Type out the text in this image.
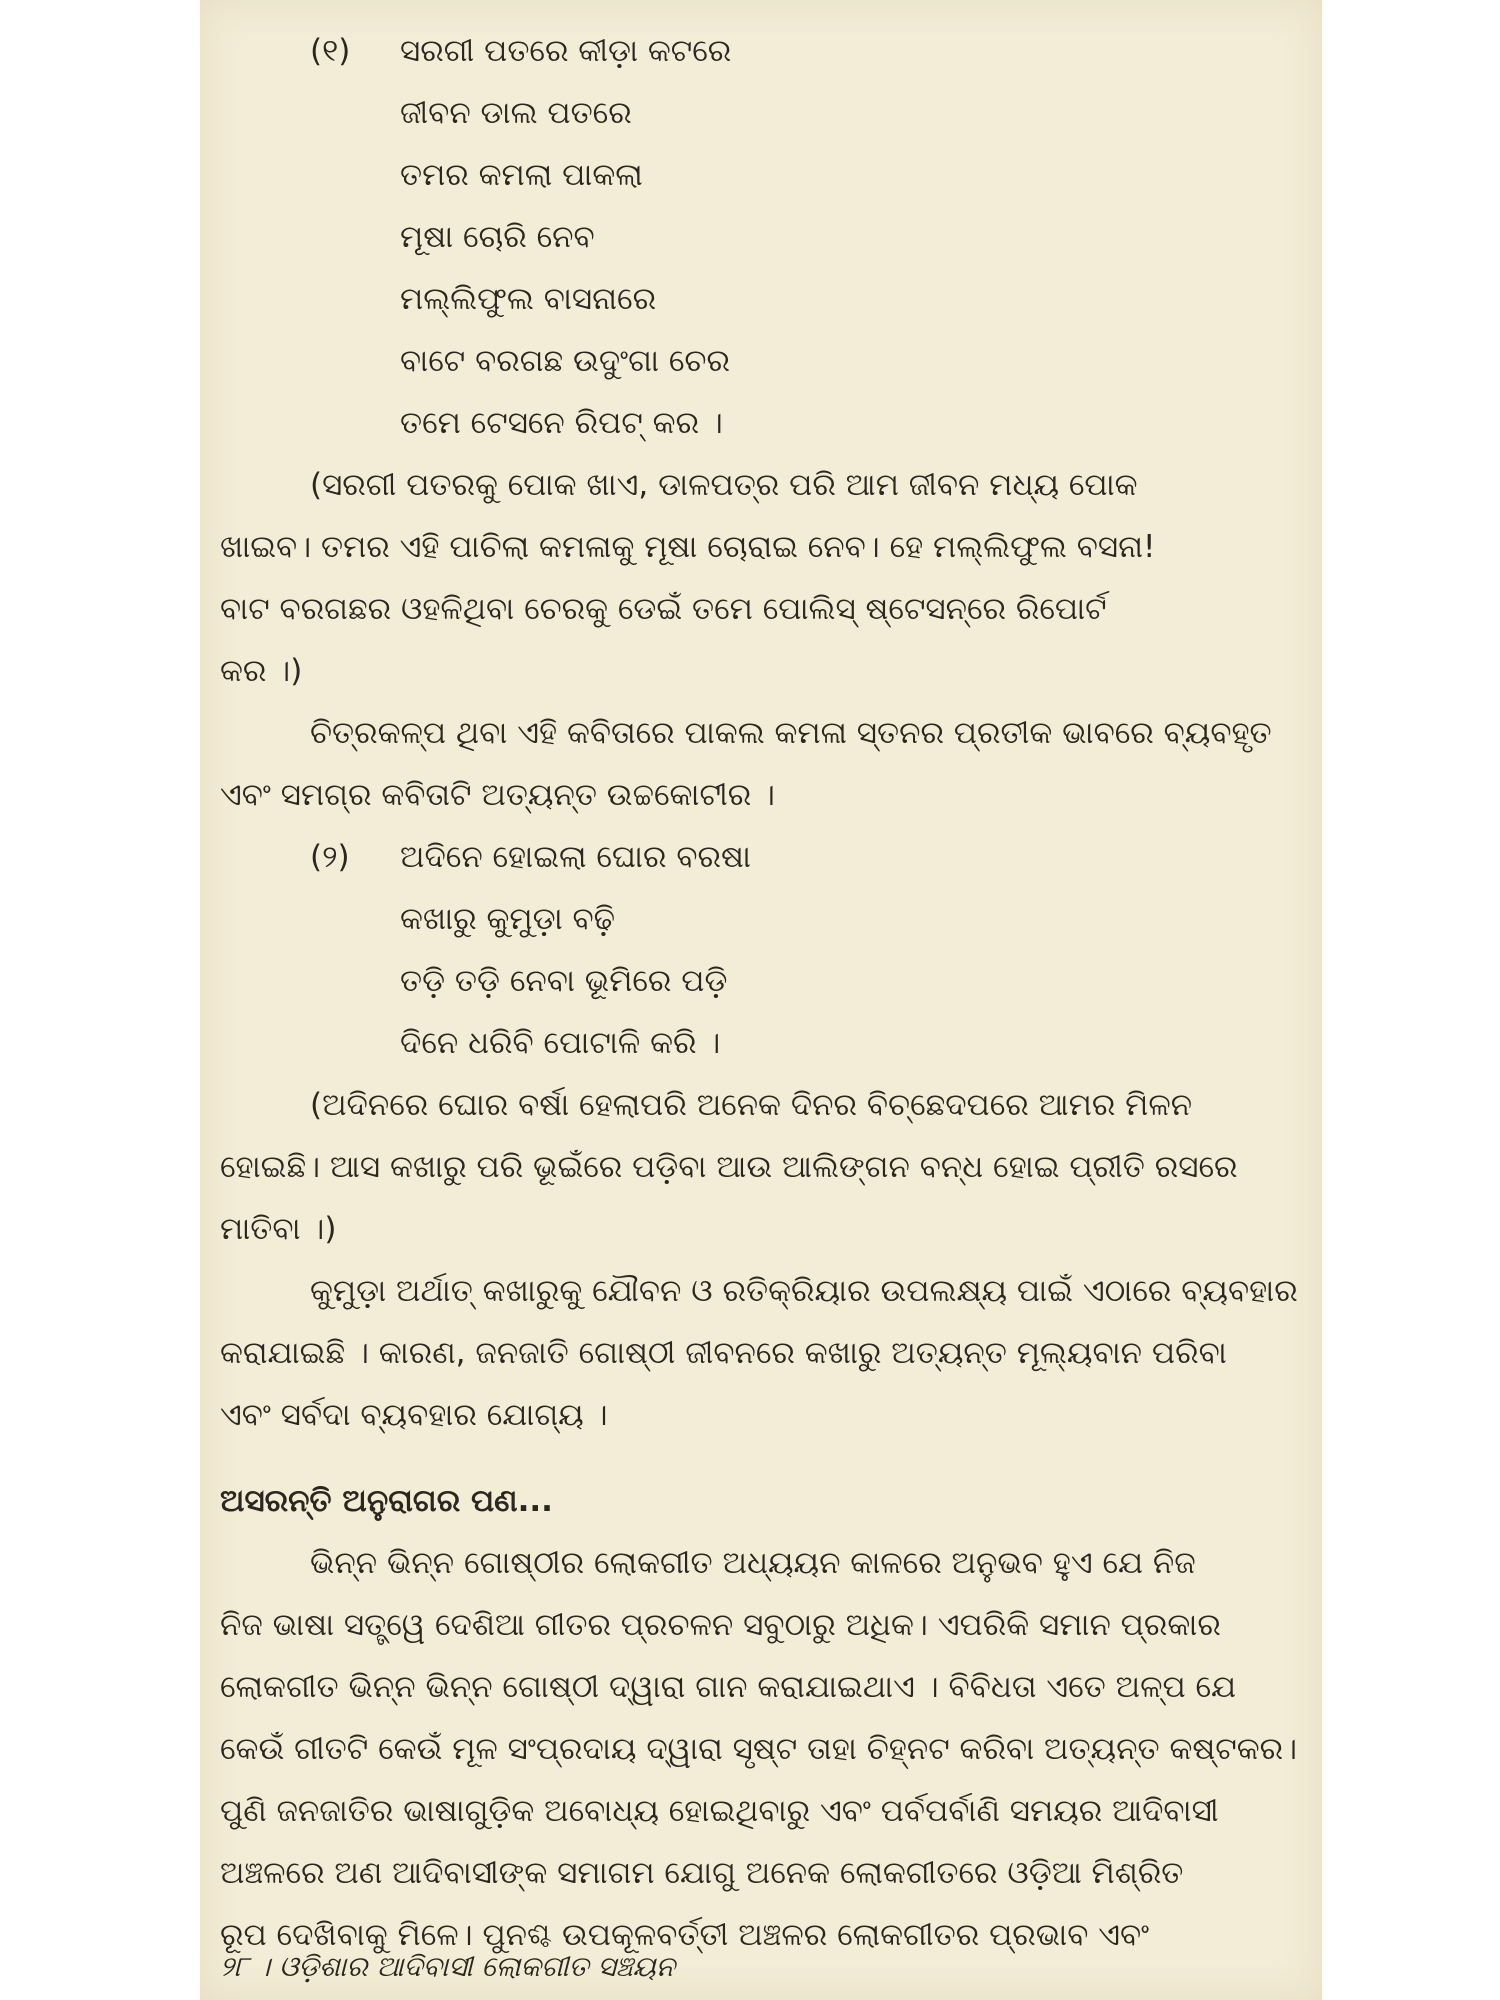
(୧) ସରଗୀ ପତରେ କୀଡ଼ା କଟରେ
ଜୀବନ ଡାଲ ପତରେ
ତମର କମଲା ପାକଲା
ମୂଷା ଚୋରି ନେବ
ମଲ୍ଲିଫୁଲ ବାସନାରେ
ବାଟେ ବରଗଛ ଉଦୁଂଗା ଚେର
ତମେ ଟେସନେ ରିପଟ୍ କର ।
(ସରଗୀ ପତରକୁ ପୋକ ଖାଏ, ଡାଳପତ୍ର ପରି ଆମ ଜୀବନ ମଧ୍ୟ ପୋକ
ଖାଇବ। ତମର ଏହି ପାଚିଲା କମଳାକୁ ମୂଷା ଚୋରାଇ ନେବ। ହେ ମଲ୍ଲିଫୁଲ ବସନା!
ବାଟ ବରଗଛର ଓହଳିଥିବା ଚେରକୁ ଡେଇଁ ତମେ ପୋଲିସ୍ ଷ୍ଟେସନ୍‌ରେ ରିପୋର୍ଟ
କର ।)
ଚିତ୍ରକଳ୍ପ ଥିବା ଏହି କବିତାରେ ପାକଲ କମଳା ସ୍ତନର ପ୍ରତୀକ ଭାବରେ ବ୍ୟବହୃତ
ଏବଂ ସମଗ୍ର କବିତାଟି ଅତ୍ୟନ୍ତ ଉଚ୍ଚକୋଟୀର ।
(୨) ଅଦିନେ ହୋଇଲା ଘୋର ବରଷା
କଖାରୁ କୁମୁଡ଼ା ବଢ଼ି
ତଡ଼ି ତଡ଼ି ନେବା ଭୂମିରେ ପଡ଼ି
ଦିନେ ଧରିବି ପୋଟାଳି କରି ।
(ଅଦିନରେ ଘୋର ବର୍ଷା ହେଲାପରି ଅନେକ ଦିନର ବିଚ୍ଛେଦପରେ ଆମର ମିଳନ
ହୋଇଛି। ଆସ କଖାରୁ ପରି ଭୂଇଁରେ ପଡ଼ିବା ଆଉ ଆଲିଙ୍ଗନ ବନ୍ଧ ହୋଇ ପ୍ରୀତି ରସରେ
ମାତିବା ।)
କୁମୁଡ଼ା ଅର୍ଥାତ୍ କଖାରୁକୁ ଯୌବନ ଓ ରତିକ୍ରିୟାର ଉପଲକ୍ଷ୍ୟ ପାଇଁ ଏଠାରେ ବ୍ୟବହାର
କରାଯାଇଛି । କାରଣ, ଜନଜାତି ଗୋଷ୍ଠୀ ଜୀବନରେ କଖାରୁ ଅତ୍ୟନ୍ତ ମୂଲ୍ୟବାନ ପରିବା
ଏବଂ ସର୍ବଦା ବ୍ୟବହାର ଯୋଗ୍ୟ ।
ଅସରନ୍ତି ଅନୁରାଗର ପଣ...
ଭିନ୍ନ ଭିନ୍ନ ଗୋଷ୍ଠୀର ଲୋକଗୀତ ଅଧ୍ୟୟନ କାଳରେ ଅନୁଭବ ହୁଏ ଯେ ନିଜ
ନିଜ ଭାଷା ସତ୍ତ୍ୱେ ଦେଶିଆ ଗୀତର ପ୍ରଚଳନ ସବୁଠାରୁ ଅଧିକ। ଏପରିକି ସମାନ ପ୍ରକାର
ଲୋକଗୀତ ଭିନ୍ନ ଭିନ୍ନ ଗୋଷ୍ଠୀ ଦ୍ୱାରା ଗାନ କରାଯାଇଥାଏ । ବିବିଧତା ଏତେ ଅଳ୍ପ ଯେ
କେଉଁ ଗୀତଟି କେଉଁ ମୂଳ ସଂପ୍ରଦାୟ ଦ୍ୱାରା ସୃଷ୍ଟ ତାହା ଚିହ୍ନଟ କରିବା ଅତ୍ୟନ୍ତ କଷ୍ଟକର।
ପୁଣି ଜନଜାତିର ଭାଷାଗୁଡ଼ିକ ଅବୋଧ୍ୟ ହୋଇଥିବାରୁ ଏବଂ ପର୍ବପର୍ବାଣି ସମୟର ଆଦିବାସୀ
ଅଞ୍ଚଳରେ ଅଣ ଆଦିବାସୀଙ୍କ ସମାଗମ ଯୋଗୁ ଅନେକ ଲୋକଗୀତରେ ଓଡ଼ିଆ ମିଶ୍ରିତ
ରୂପ ଦେଖିବାକୁ ମିଳେ। ପୁନଶ୍ଚ ଉପକୂଳବର୍ତ୍ତୀ ଅଞ୍ଚଳର ଲୋକଗୀତର ପ୍ରଭାବ ଏବଂ
୨୮ । ଓଡ଼ିଶାର ଆଦିବାସୀ ଲୋକଗୀତ ସଞ୍ଚୟନ
